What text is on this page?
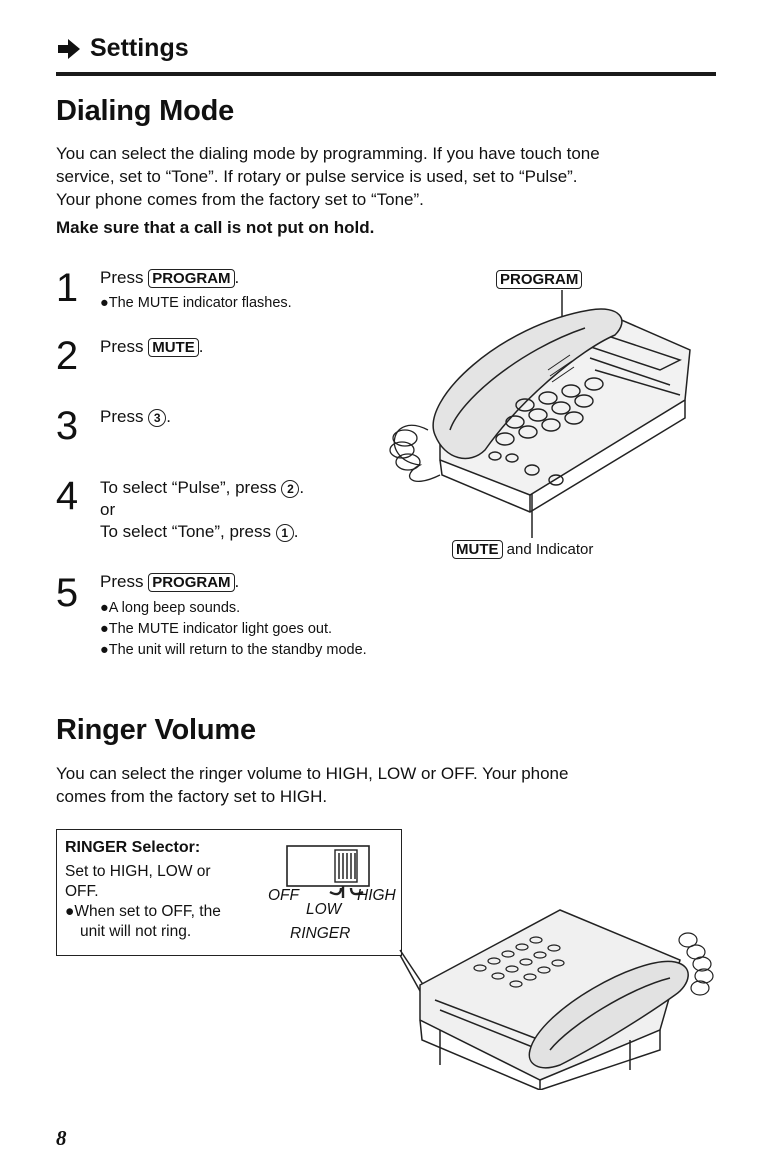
Settings
Dialing Mode
You can select the dialing mode by programming. If you have touch tone
service, set to “Tone”. If rotary or pulse service is used, set to “Pulse”.
Your phone comes from the factory set to “Tone”.
Make sure that a call is not put on hold.
1	Press PROGRAM .
●The MUTE indicator flashes.
2	Press MUTE .
3	Press 3 .
4	To select “Pulse”, press 2 .
or
To select “Tone”, press 1 .
5	Press PROGRAM .
●A long beep sounds.
●The MUTE indicator light goes out.
●The unit will return to the standby mode.
PROGRAM
MUTE and Indicator
Ringer Volume
You can select the ringer volume to HIGH, LOW or OFF. Your phone
comes from the factory set to HIGH.
RINGER Selector:
Set to HIGH, LOW or
OFF.
●When set to OFF, the
unit will not ring.
OFF	HIGH
LOW
RINGER
8
